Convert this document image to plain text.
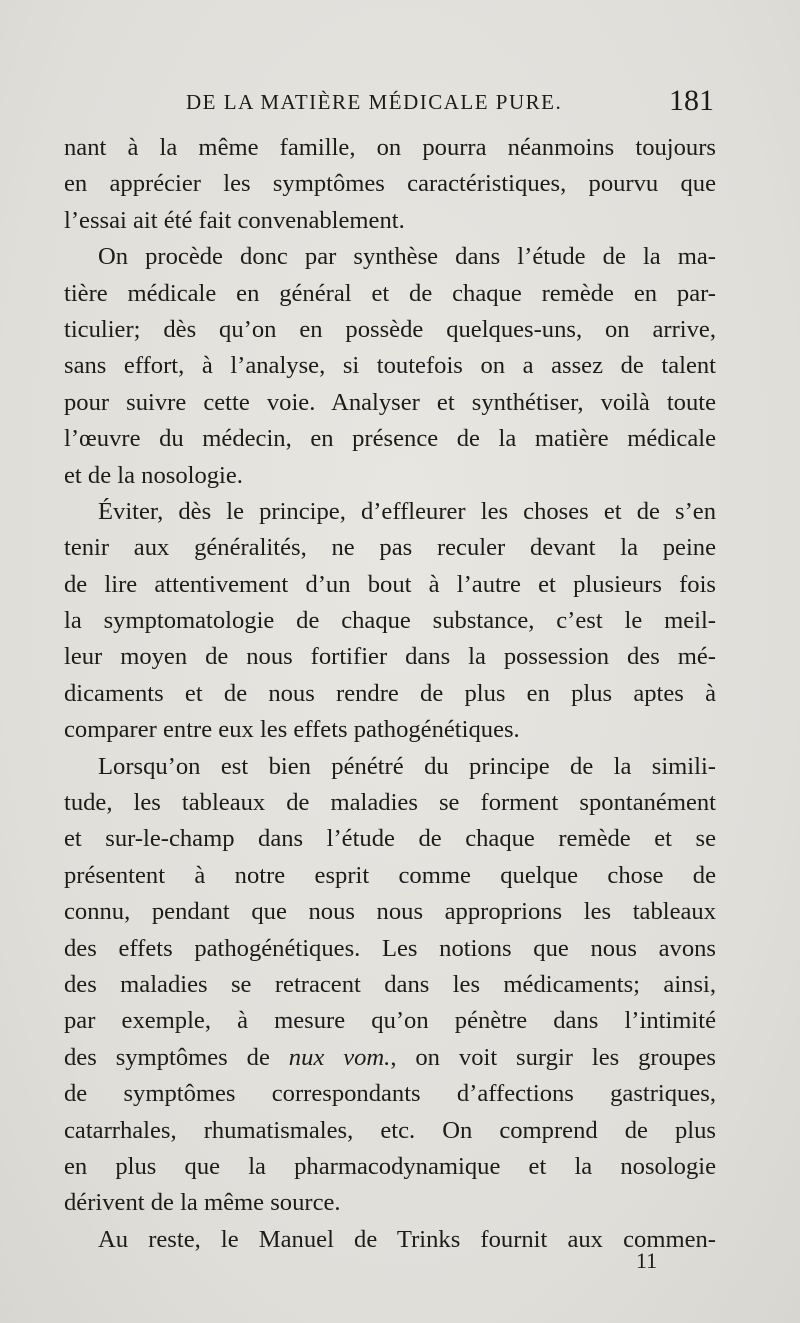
DE LA MATIÈRE MÉDICALE PURE.	181
nant à la même famille, on pourra néanmoins toujours
en apprécier les symptômes caractéristiques, pourvu que
l’essai ait été fait convenablement.
On procède donc par synthèse dans l’étude de la ma-
tière médicale en général et de chaque remède en par-
ticulier; dès qu’on en possède quelques-uns, on arrive,
sans effort, à l’analyse, si toutefois on a assez de talent
pour suivre cette voie. Analyser et synthétiser, voilà toute
l’œuvre du médecin, en présence de la matière médicale
et de la nosologie.
Éviter, dès le principe, d’effleurer les choses et de s’en
tenir aux généralités, ne pas reculer devant la peine
de lire attentivement d’un bout à l’autre et plusieurs fois
la symptomatologie de chaque substance, c’est le meil-
leur moyen de nous fortifier dans la possession des mé-
dicaments et de nous rendre de plus en plus aptes à
comparer entre eux les effets pathogénétiques.
Lorsqu’on est bien pénétré du principe de la simili-
tude, les tableaux de maladies se forment spontanément
et sur-le-champ dans l’étude de chaque remède et se
présentent à notre esprit comme quelque chose de
connu, pendant que nous nous approprions les tableaux
des effets pathogénétiques. Les notions que nous avons
des maladies se retracent dans les médicaments; ainsi,
par exemple, à mesure qu’on pénètre dans l’intimité
des symptômes de nux vom., on voit surgir les groupes
de symptômes correspondants d’affections gastriques,
catarrhales, rhumatismales, etc. On comprend de plus
en plus que la pharmacodynamique et la nosologie
dérivent de la même source.
Au reste, le Manuel de Trinks fournit aux commen-
11
